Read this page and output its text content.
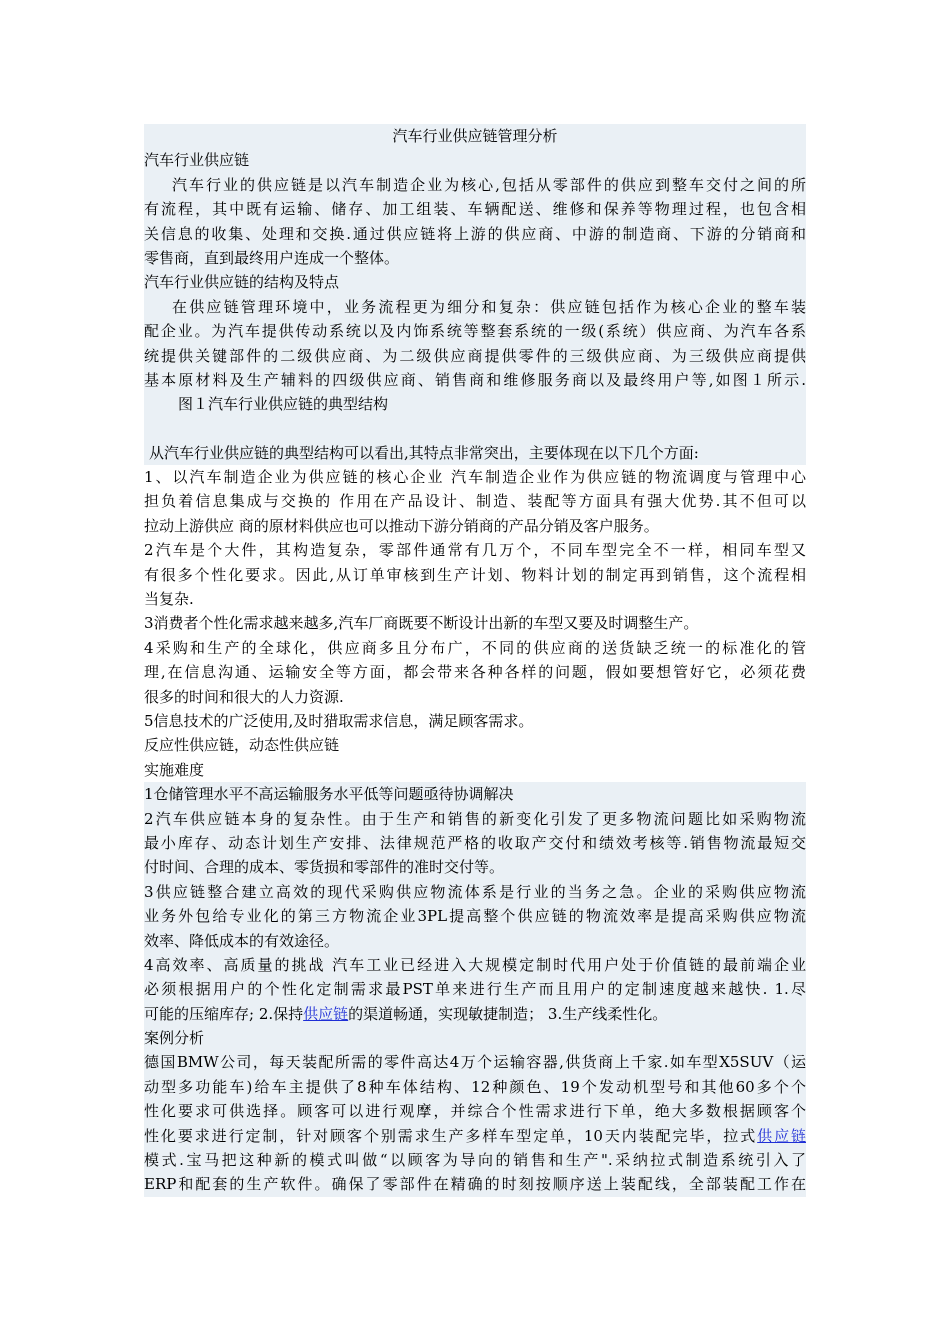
汽车行业供应链管理分析
汽车行业供应链
汽车行业的供应链是以汽车制造企业为核心,包括从零部件的供应到整车交付之间的所
有流程，其中既有运输、储存、加工组装、车辆配送、维修和保养等物理过程，也包含相
关信息的收集、处理和交换.通过供应链将上游的供应商、中游的制造商、下游的分销商和
零售商，直到最终用户连成一个整体。
汽车行业供应链的结构及特点
在供应链管理环境中，业务流程更为细分和复杂：供应链包括作为核心企业的整车装
配企业。为汽车提供传动系统以及内饰系统等整套系统的一级(系统）供应商、为汽车各系
统提供关键部件的二级供应商、为二级供应商提供零件的三级供应商、为三级供应商提供
基本原材料及生产辅料的四级供应商、销售商和维修服务商以及最终用户等,如图１所示.
图１汽车行业供应链的典型结构
从汽车行业供应链的典型结构可以看出,其特点非常突出，主要体现在以下几个方面:
1、以汽车制造企业为供应链的核心企业 汽车制造企业作为供应链的物流调度与管理中心
担负着信息集成与交换的 作用在产品设计、制造、装配等方面具有强大优势.其不但可以
拉动上游供应 商的原材料供应也可以推动下游分销商的产品分销及客户服务。
2汽车是个大件，其构造复杂，零部件通常有几万个，不同车型完全不一样，相同车型又
有很多个性化要求。因此,从订单审核到生产计划、物料计划的制定再到销售，这个流程相
当复杂.
3消费者个性化需求越来越多,汽车厂商既要不断设计出新的车型又要及时调整生产。
4采购和生产的全球化，供应商多且分布广，不同的供应商的送货缺乏统一的标准化的管
理,在信息沟通、运输安全等方面，都会带来各种各样的问题，假如要想管好它，必须花费
很多的时间和很大的人力资源.
5信息技术的广泛使用,及时猎取需求信息，满足顾客需求。
反应性供应链，动态性供应链
实施难度
1仓储管理水平不高运输服务水平低等问题亟待协调解决
2汽车供应链本身的复杂性。由于生产和销售的新变化引发了更多物流问题比如采购物流
最小库存、动态计划生产安排、法律规范严格的收取产交付和绩效考核等.销售物流最短交
付时间、合理的成本、零货损和零部件的准时交付等。
3供应链整合建立高效的现代采购供应物流体系是行业的当务之急。企业的采购供应物流
业务外包给专业化的第三方物流企业3PL提高整个供应链的物流效率是提高采购供应物流
效率、降低成本的有效途径。
4高效率、高质量的挑战 汽车工业已经进入大规模定制时代用户处于价值链的最前端企业
必须根据用户的个性化定制需求最PST单来进行生产而且用户的定制速度越来越快. 1.尽
可能的压缩库存; 2.保持供应链的渠道畅通，实现敏捷制造； 3.生产线柔性化。
案例分析
德国BMW公司，每天装配所需的零件高达4万个运输容器,供货商上千家.如车型X5SUV（运
动型多功能车)给车主提供了8种车体结构、12种颜色、19个发动机型号和其他60多个个
性化要求可供选择。顾客可以进行观摩，并综合个性需求进行下单，绝大多数根据顾客个
性化要求进行定制，针对顾客个别需求生产多样车型定单，10天内装配完毕，拉式供应链
模式.宝马把这种新的模式叫做“以顾客为导向的销售和生产".采纳拉式制造系统引入了
ERP和配套的生产软件。确保了零部件在精确的时刻按顺序送上装配线，全部装配工作在
